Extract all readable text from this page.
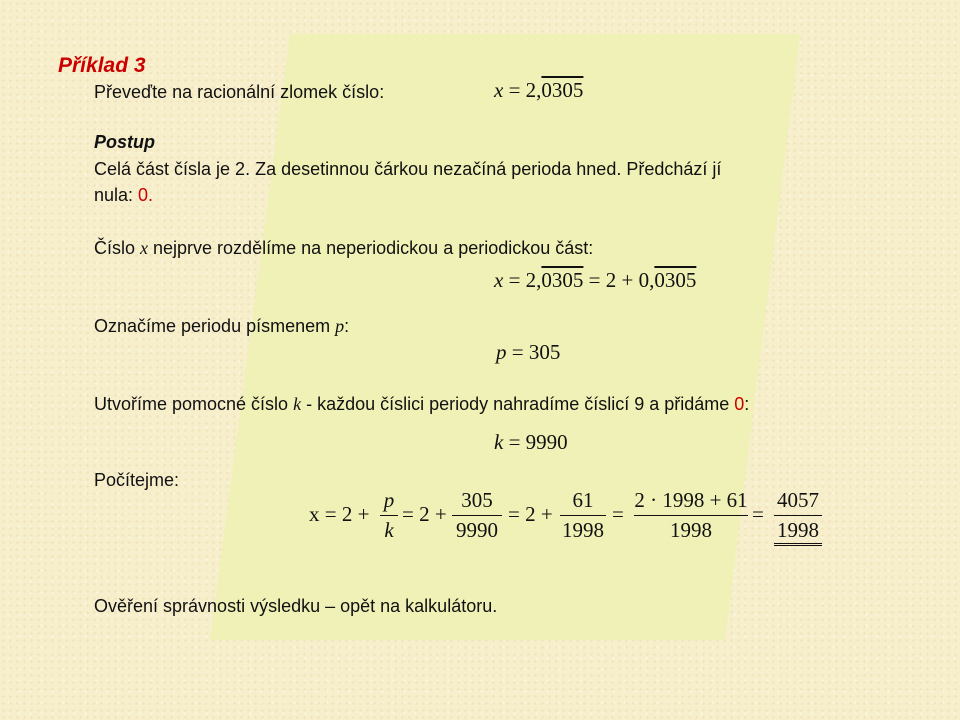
Příklad 3
Převeďte na racionální zlomek číslo:	x = 2,0305
Postup
Celá část čísla je 2. Za desetinnou čárkou nezačíná perioda hned. Předchází jí
nula: 0.
Číslo x nejprve rozdělíme na neperiodickou a periodickou část:
x = 2,0305 = 2 + 0,0305
Označíme periodu písmenem p:
p = 305
Utvoříme pomocné číslo k - každou číslici periody nahradíme číslicí 9 a přidáme 0:
k = 9990
Počítejme:
x = 2 +
p
k
= 2 +
305
9990
= 2 +
61
1998
=
2 · 1998 + 61
1998
=
4057
1998
Ověření správnosti výsledku – opět na kalkulátoru.
